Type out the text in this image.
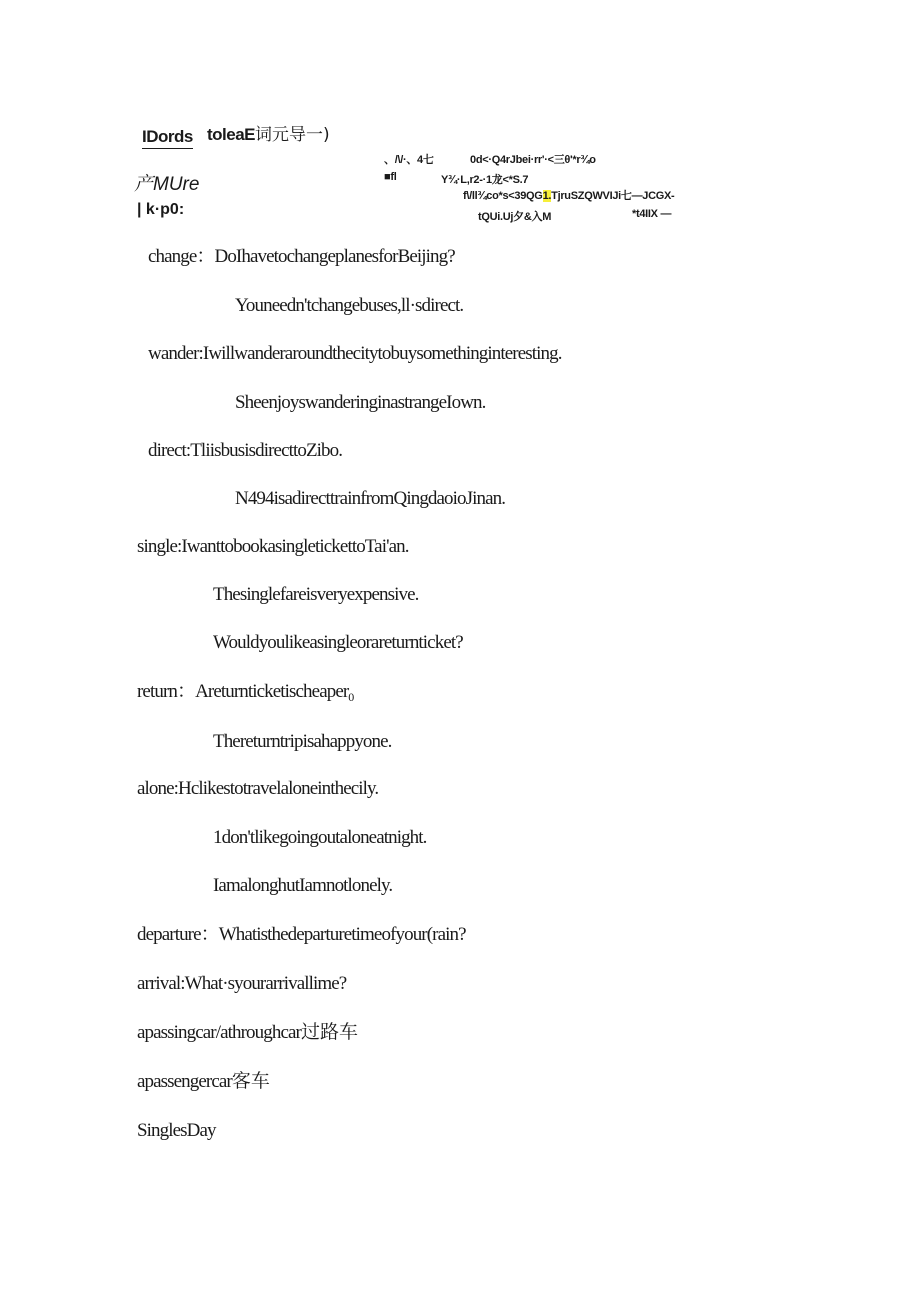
IDords toleaE词元导一)
产MUre
| k·p0:
、/\/·、4七	0d<·Q4rJbei·rr'·<三θ'*r¾o
■fl	Y¾·L,r2-·1龙<*S.7
f\/ll¾co*s<39QG1.TjruSZQWVIJi七—JCGX-
tQUi.Uj夕&入M	*t4IIX —
change：DoIhavetochangeplanesforBeijing?
Youneedn'tchangebuses,ll·sdirect.
wander:Iwillwanderaroundthecitytobuysomethinginteresting.
SheenjoyswanderinginastrangeIown.
direct:TliisbusisdirecttoZibo.
N494isadirecttrainfromQingdaoioJinan.
single:IwanttobookasingletickettoTai'an.
Thesinglefareisveryexpensive.
Wouldyoulikeasingleorareturnticket?
return：Areturnticketischeaper$_0$
Thereturntripisahappyone.
alone:Hclikestotravelaloneinthecily.
1don'tlikegoingoutaloneatnight.
IamalonghutIamnotlonely.
departure：Whatisthedeparturetimeofyour(rain?
arrival:What·syourarrivallime?
apassingcar/athroughcar过路车
apassengercar客车
SinglesDay
